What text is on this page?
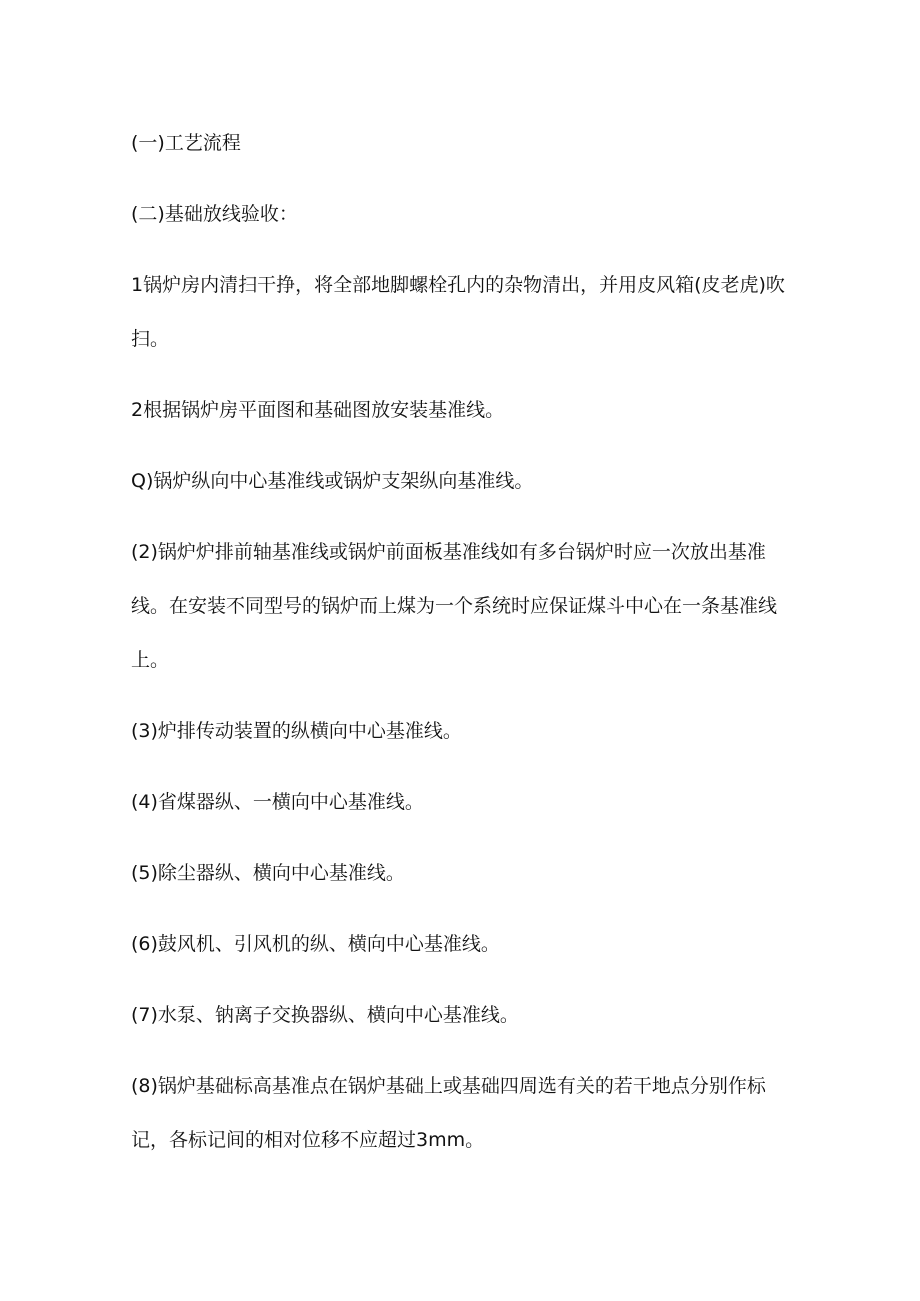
(一)工艺流程

(二)基础放线验收：

1锅炉房内清扫干挣，将全部地脚螺栓孔内的杂物清出，并用皮风箱(皮老虎)吹扫。

2根据锅炉房平面图和基础图放安装基准线。

Q)锅炉纵向中心基准线或锅炉支架纵向基准线。

(2)锅炉炉排前轴基准线或锅炉前面板基准线如有多台锅炉时应一次放出基准线。在安装不同型号的锅炉而上煤为一个系统时应保证煤斗中心在一条基准线上。

(3)炉排传动装置的纵横向中心基准线。

(4)省煤器纵、一横向中心基准线。

(5)除尘器纵、横向中心基准线。

(6)鼓风机、引风机的纵、横向中心基准线。

(7)水泵、钠离子交换器纵、横向中心基准线。

(8)锅炉基础标高基准点在锅炉基础上或基础四周选有关的若干地点分别作标记，各标记间的相对位移不应超过3mm。
